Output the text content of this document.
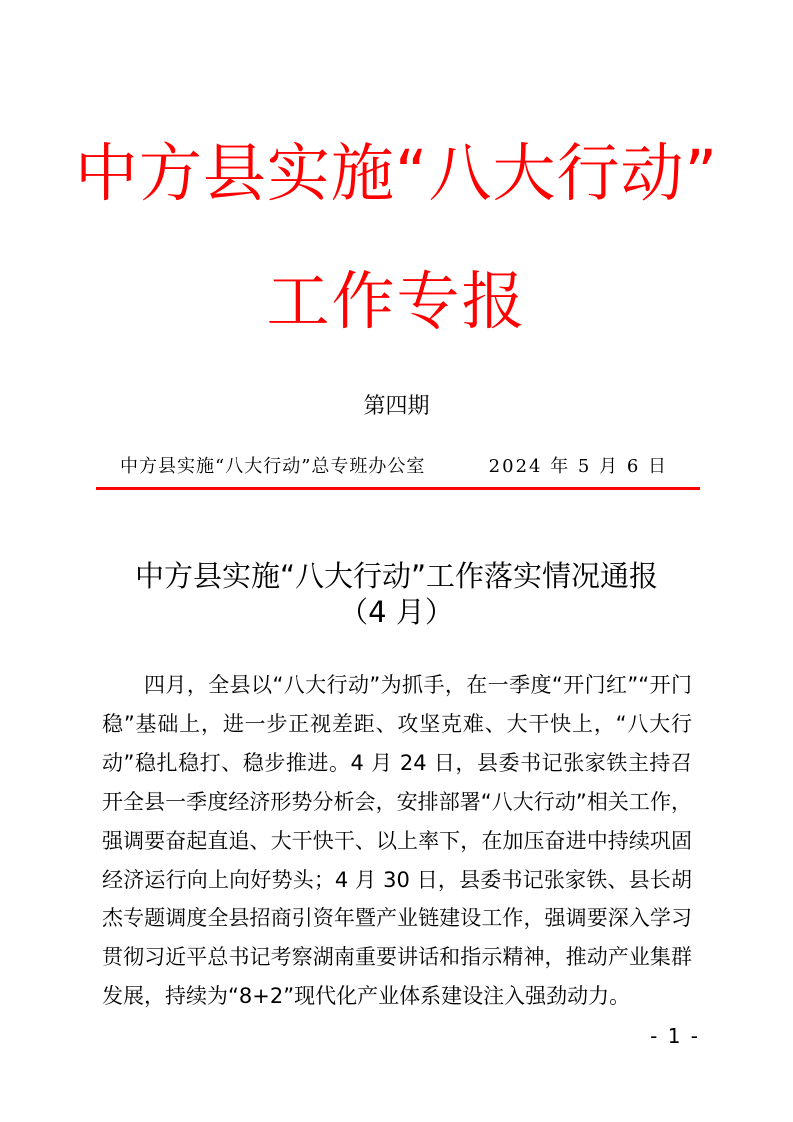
中方县实施“八大行动”
工作专报
第四期
中方县实施“八大行动”总专班办公室	2024 年 5 月 6 日
中方县实施“八大行动”工作落实情况通报
（4 月）

四月，全县以“八大行动”为抓手，在一季度“开门红”“开门稳”基础上，进一步正视差距、攻坚克难、大干快上，“八大行动”稳扎稳打、稳步推进。4 月 24 日，县委书记张家铁主持召开全县一季度经济形势分析会，安排部署“八大行动”相关工作，强调要奋起直追、大干快干、以上率下，在加压奋进中持续巩固经济运行向上向好势头；4 月 30 日，县委书记张家铁、县长胡杰专题调度全县招商引资年暨产业链建设工作，强调要深入学习贯彻习近平总书记考察湖南重要讲话和指示精神，推动产业集群发展，持续为“8+2”现代化产业体系建设注入强劲动力。

- 1 -
